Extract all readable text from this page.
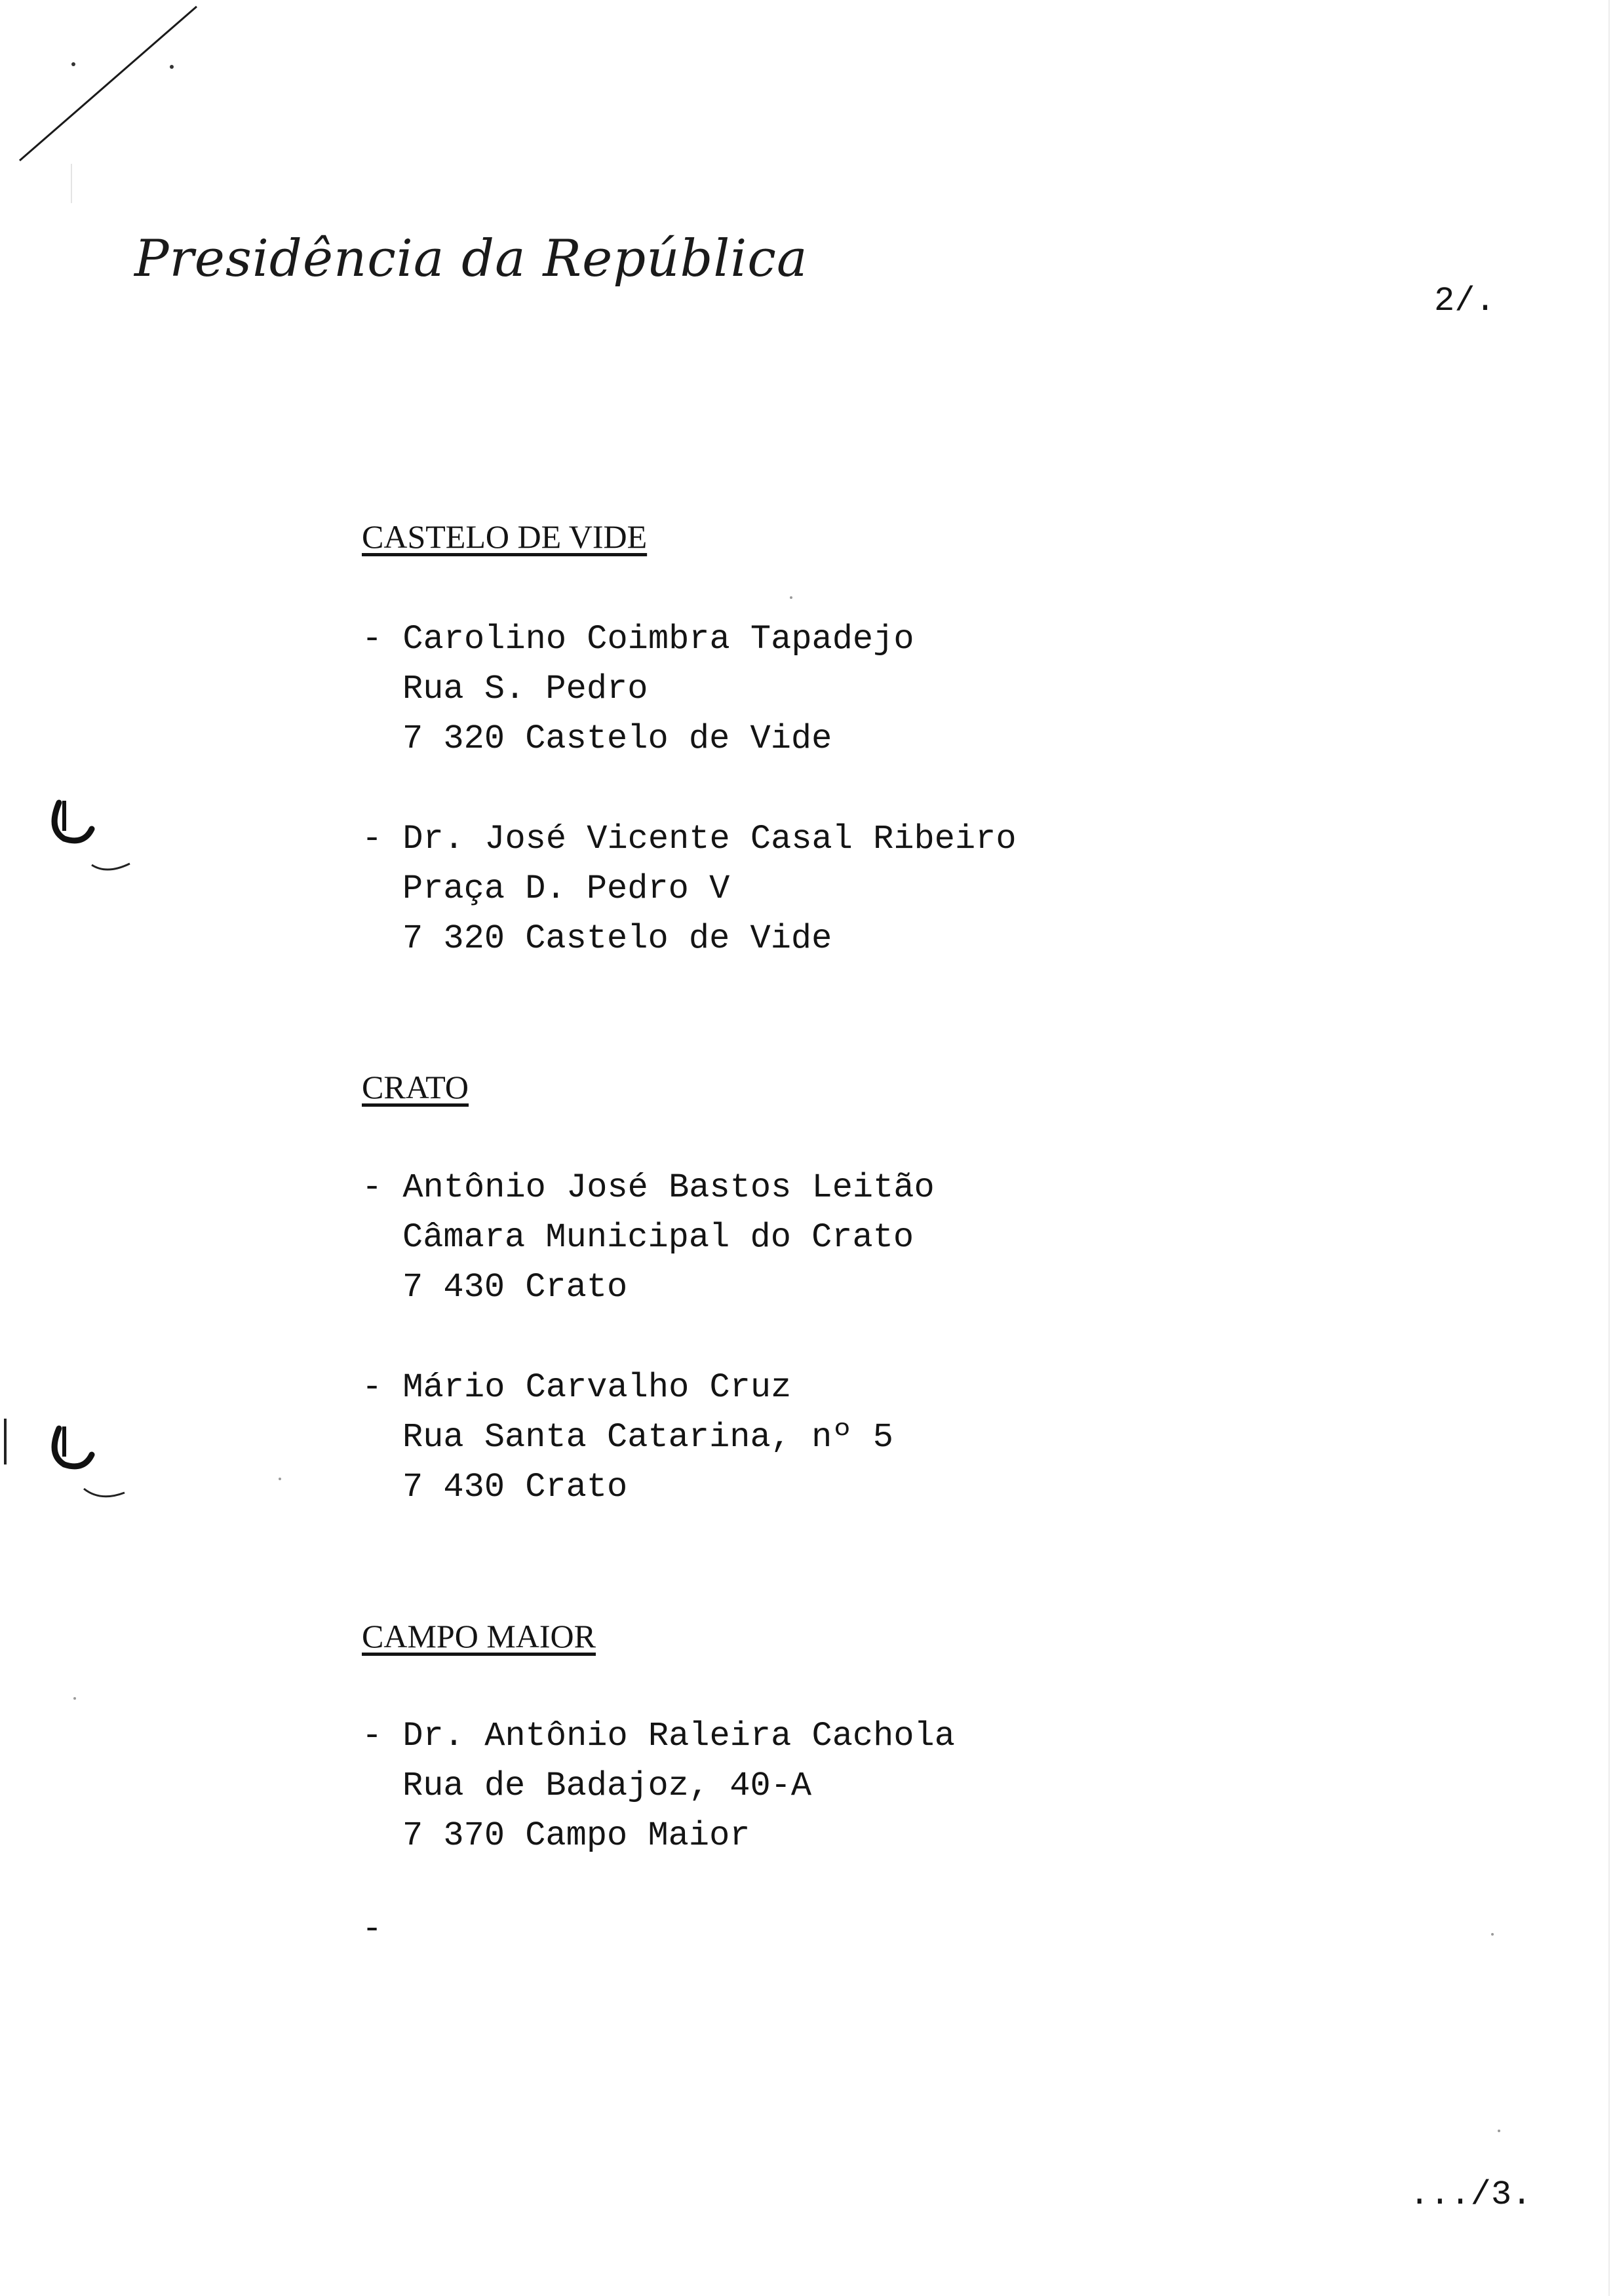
Presidência da República
2/.
CASTELO DE VIDE
- Carolino Coimbra Tapadejo
Rua S. Pedro
7 320 Castelo de Vide
- Dr. José Vicente Casal Ribeiro
Praça D. Pedro V
7 320 Castelo de Vide
CRATO
- Antônio José Bastos Leitão
Câmara Municipal do Crato
7 430 Crato
- Mário Carvalho Cruz
Rua Santa Catarina, nº 5
7 430 Crato
CAMPO MAIOR
- Dr. Antônio Raleira Cachola
Rua de Badajoz, 40-A
7 370 Campo Maior
-
.../3.
